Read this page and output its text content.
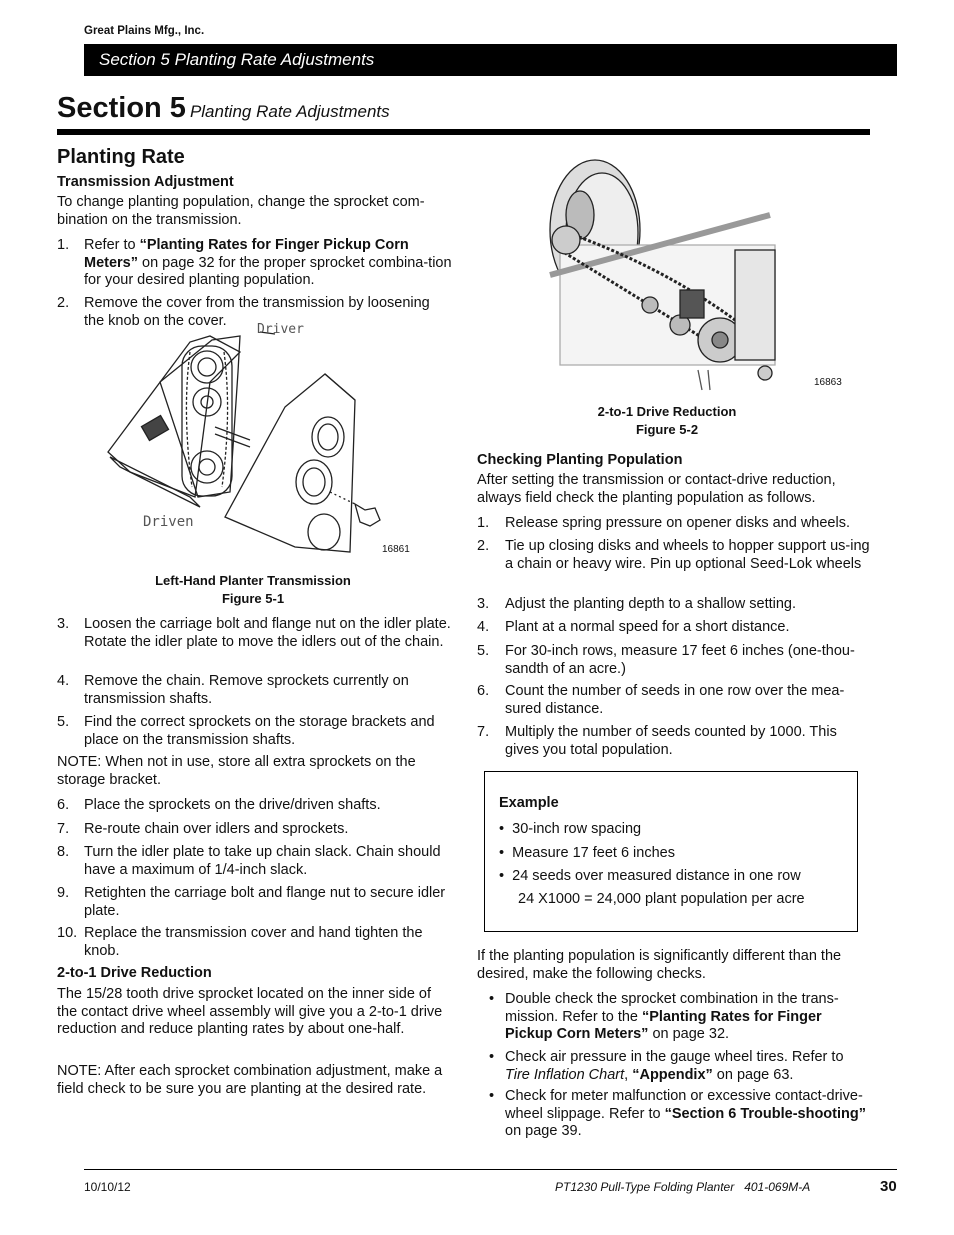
Great Plains Mfg., Inc.
Section 5 Planting Rate Adjustments
Section 5 Planting Rate Adjustments
Planting Rate
Transmission Adjustment
To change planting population, change the sprocket com-bination on the transmission.
1. Refer to “Planting Rates for Finger Pickup Corn Meters” on page 32 for the proper sprocket combina-tion for your desired planting population.
2. Remove the cover from the transmission by loosening the knob on the cover.
Driver
Driven
16861
Left-Hand Planter Transmission
Figure 5-1
3. Loosen the carriage bolt and flange nut on the idler plate. Rotate the idler plate to move the idlers out of the chain.
4. Remove the chain. Remove sprockets currently on transmission shafts.
5. Find the correct sprockets on the storage brackets and place on the transmission shafts.
NOTE: When not in use, store all extra sprockets on the storage bracket.
6. Place the sprockets on the drive/driven shafts.
7. Re-route chain over idlers and sprockets.
8. Turn the idler plate to take up chain slack. Chain should have a maximum of 1/4-inch slack.
9. Retighten the carriage bolt and flange nut to secure idler plate.
10. Replace the transmission cover and hand tighten the knob.
2-to-1 Drive Reduction
The 15/28 tooth drive sprocket located on the inner side of the contact drive wheel assembly will give you a 2-to-1 drive reduction and reduce planting rates by about one-half.
NOTE: After each sprocket combination adjustment, make a field check to be sure you are planting at the desired rate.
16863
2-to-1 Drive Reduction
Figure 5-2
Checking Planting Population
After setting the transmission or contact-drive reduction, always field check the planting population as follows.
1. Release spring pressure on opener disks and wheels.
2. Tie up closing disks and wheels to hopper support us-ing a chain or heavy wire. Pin up optional Seed-Lok wheels
3. Adjust the planting depth to a shallow setting.
4. Plant at a normal speed for a short distance.
5. For 30-inch rows, measure 17 feet 6 inches (one-thou-sandth of an acre.)
6. Count the number of seeds in one row over the mea-sured distance.
7. Multiply the number of seeds counted by 1000. This gives you total population.
Example
•  30-inch row spacing
•  Measure 17 feet 6 inches
•  24 seeds over measured distance in one row
24 X1000 = 24,000 plant population per acre
If the planting population is significantly different than the desired, make the following checks.
• Double check the sprocket combination in the trans-mission. Refer to the “Planting Rates for Finger Pickup Corn Meters” on page 32.
• Check air pressure in the gauge wheel tires. Refer to Tire Inflation Chart, “Appendix” on page 63.
• Check for meter malfunction or excessive contact-drive-wheel slippage. Refer to “Section 6 Trouble-shooting” on page 39.
10/10/12	PT1230 Pull-Type Folding Planter   401-069M-A	30
